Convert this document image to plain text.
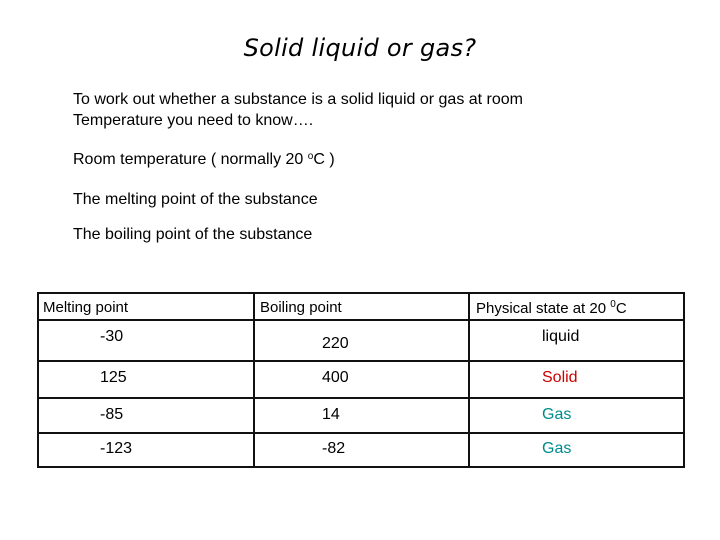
Solid liquid or gas?
To work out whether a substance is a solid liquid or gas at room
Temperature you need to know….
Room temperature ( normally 20 $^o$C )
The melting point of the substance
The boiling point of the substance
Melting point	Boiling point	Physical state at 20 $^0$C
-30	220	liquid
125	400	Solid
-85	14	Gas
-123	-82	Gas
